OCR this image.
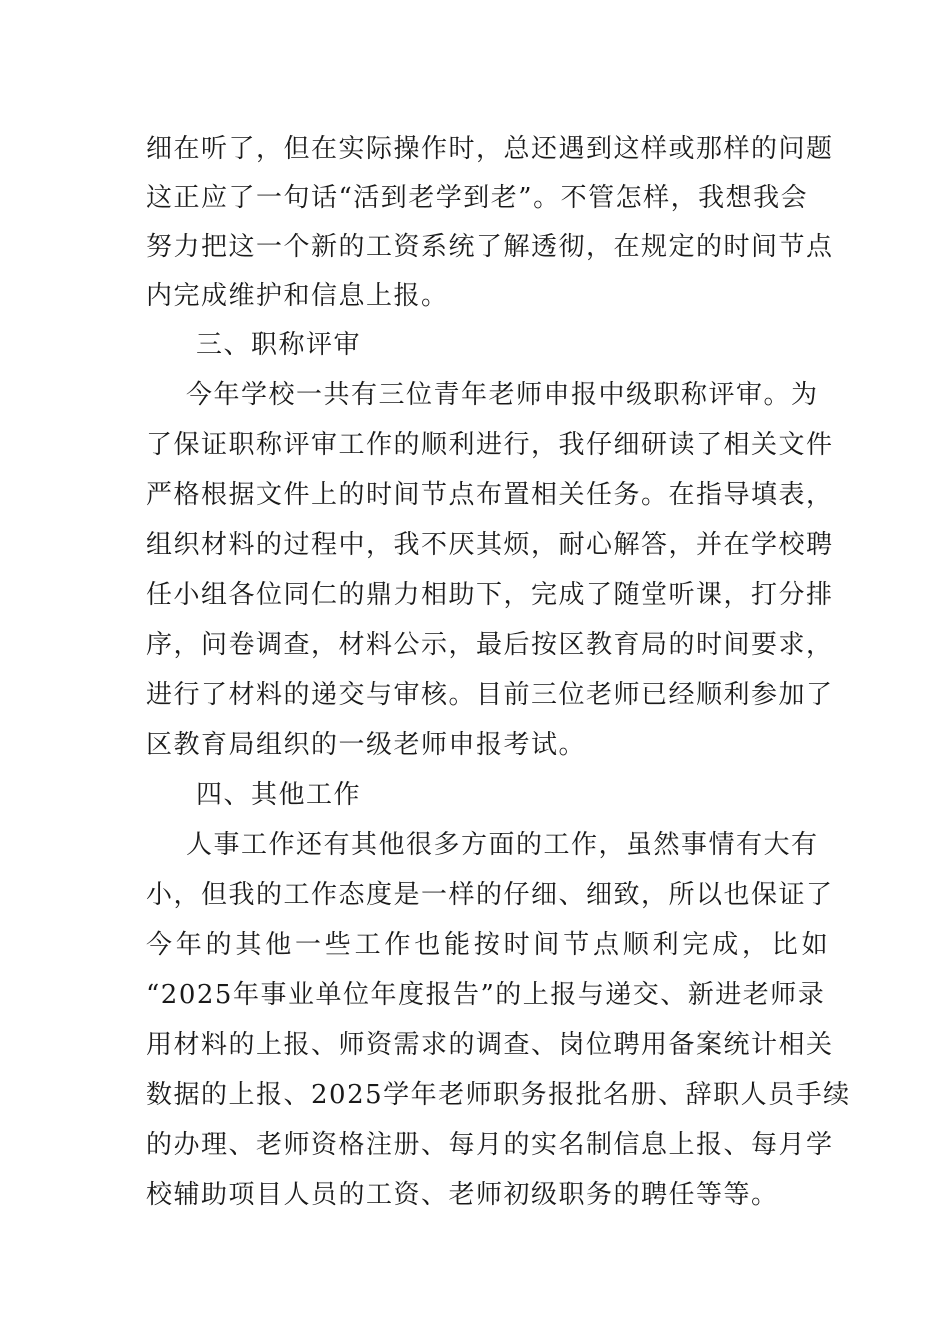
细在听了，但在实际操作时，总还遇到这样或那样的问题
这正应了一句话“活到老学到老”。不管怎样，我想我会
努力把这一个新的工资系统了解透彻，在规定的时间节点
内完成维护和信息上报。
三、职称评审
今年学校一共有三位青年老师申报中级职称评审。为
了保证职称评审工作的顺利进行，我仔细研读了相关文件
严格根据文件上的时间节点布置相关任务。在指导填表，
组织材料的过程中，我不厌其烦，耐心解答，并在学校聘
任小组各位同仁的鼎力相助下，完成了随堂听课，打分排
序，问卷调查，材料公示，最后按区教育局的时间要求，
进行了材料的递交与审核。目前三位老师已经顺利参加了
区教育局组织的一级老师申报考试。
四、其他工作
人事工作还有其他很多方面的工作，虽然事情有大有
小，但我的工作态度是一样的仔细、细致，所以也保证了
今年的其他一些工作也能按时间节点顺利完成，比如
“2025年事业单位年度报告”的上报与递交、新进老师录
用材料的上报、师资需求的调查、岗位聘用备案统计相关
数据的上报、2025学年老师职务报批名册、辞职人员手续
的办理、老师资格注册、每月的实名制信息上报、每月学
校辅助项目人员的工资、老师初级职务的聘任等等。
